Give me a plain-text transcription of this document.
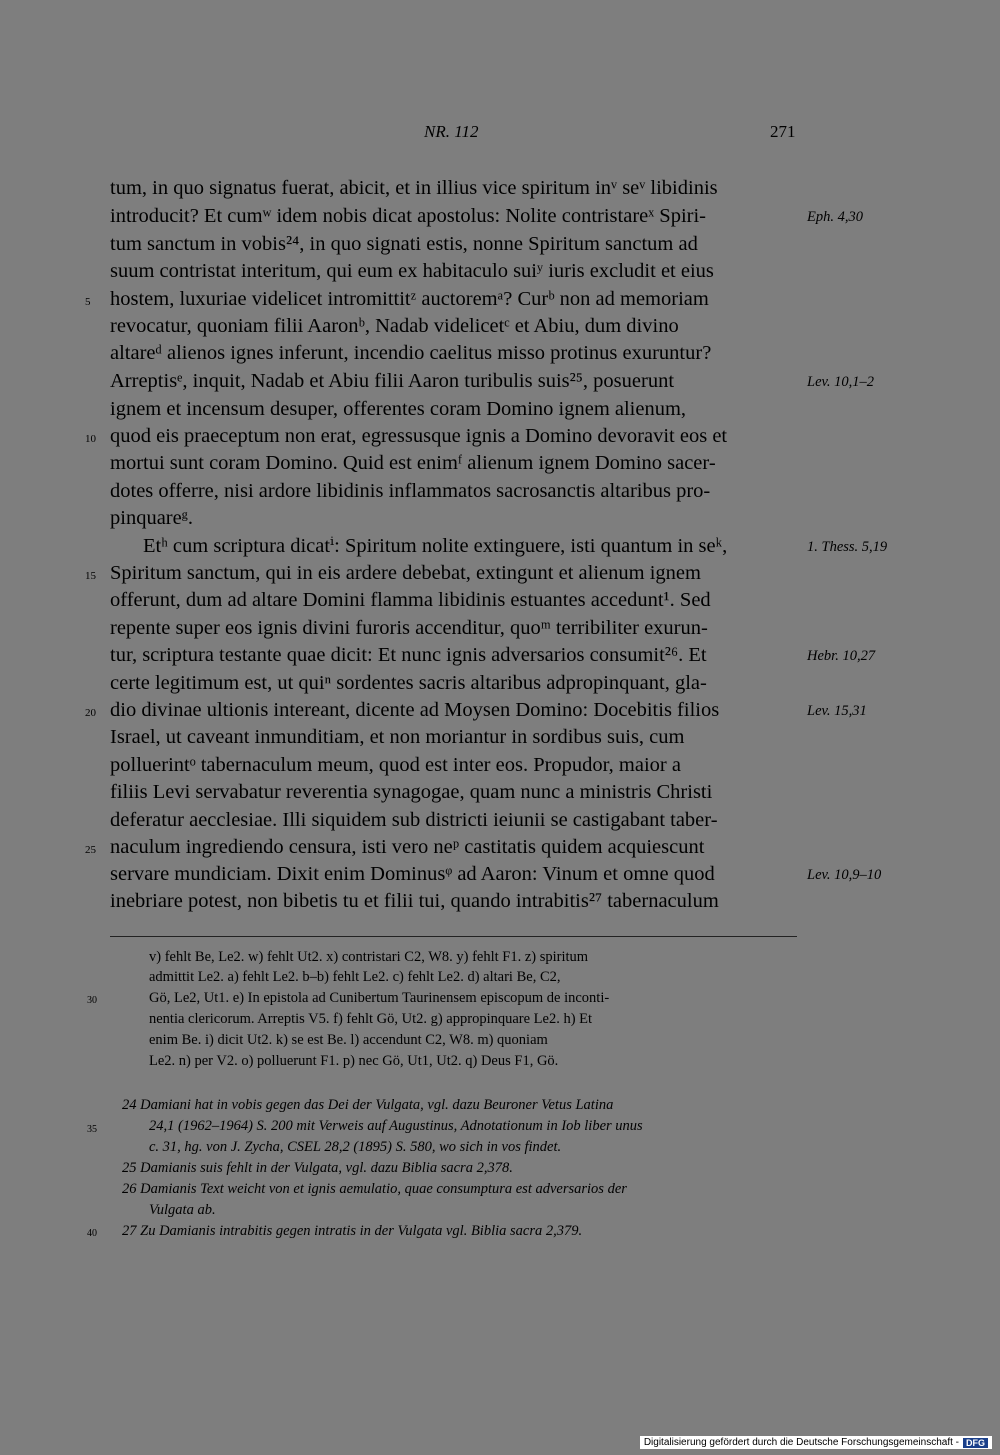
NR. 112	271
tum, in quo signatus fuerat, abicit, et in illius vice spiritum inᵛ seᵛ libidinis
introducit? Et cumʷ idem nobis dicat apostolus: Nolite contristareˣ Spiri-
tum sanctum in vobis²⁴, in quo signati estis, nonne Spiritum sanctum ad
suum contristat interitum, qui eum ex habitaculo suiʸ iuris excludit et eius
hostem, luxuriae videlicet intromittitᶻ auctoremᵃ? Curᵇ non ad memoriam
revocatur, quoniam filii Aaronᵇ, Nadab videlicetᶜ et Abiu, dum divino
altareᵈ alienos ignes inferunt, incendio caelitus misso protinus exuruntur?
Arreptisᵉ, inquit, Nadab et Abiu filii Aaron turibulis suis²⁵, posuerunt
ignem et incensum desuper, offerentes coram Domino ignem alienum,
quod eis praeceptum non erat, egressusque ignis a Domino devoravit eos et
mortui sunt coram Domino. Quid est enimᶠ alienum ignem Domino sacer-
dotes offerre, nisi ardore libidinis inflammatos sacrosanctis altaribus pro-
pinquareᵍ.
Etʰ cum scriptura dicatⁱ: Spiritum nolite extinguere, isti quantum in seᵏ,
Spiritum sanctum, qui in eis ardere debebat, extingunt et alienum ignem
offerunt, dum ad altare Domini flamma libidinis estuantes accedunt¹. Sed
repente super eos ignis divini furoris accenditur, quoᵐ terribiliter exurun-
tur, scriptura testante quae dicit: Et nunc ignis adversarios consumit²⁶. Et
certe legitimum est, ut quiⁿ sordentes sacris altaribus adpropinquant, gla-
dio divinae ultionis intereant, dicente ad Moysen Domino: Docebitis filios
Israel, ut caveant inmunditiam, et non moriantur in sordibus suis, cum
polluerintᵒ tabernaculum meum, quod est inter eos. Propudor, maior a
filiis Levi servabatur reverentia synagogae, quam nunc a ministris Christi
deferatur aecclesiae. Illi siquidem sub districti ieiunii se castigabant taber-
naculum ingrediendo censura, isti vero neᵖ castitatis quidem acquiescunt
servare mundiciam. Dixit enim Dominusᵠ ad Aaron: Vinum et omne quod
inebriare potest, non bibetis tu et filii tui, quando intrabitis²⁷ tabernaculum
5
10
15
20
25
Eph. 4,30
Lev. 10,1–2
1. Thess. 5,19
Hebr. 10,27
Lev. 15,31
Lev. 10,9–10
v) fehlt Be, Le2. w) fehlt Ut2. x) contristari C2, W8. y) fehlt F1. z) spiritum
admittit Le2. a) fehlt Le2. b–b) fehlt Le2. c) fehlt Le2. d) altari Be, C2,
Gö, Le2, Ut1. e) In epistola ad Cunibertum Taurinensem episcopum de inconti-
nentia clericorum. Arreptis V5. f) fehlt Gö, Ut2. g) appropinquare Le2. h) Et
enim Be. i) dicit Ut2. k) se est Be. l) accendunt C2, W8. m) quoniam
Le2. n) per V2. o) polluerunt F1. p) nec Gö, Ut1, Ut2. q) Deus F1, Gö.
30
24 Damiani hat in vobis gegen das Dei der Vulgata, vgl. dazu Beuroner Vetus Latina
24,1 (1962–1964) S. 200 mit Verweis auf Augustinus, Adnotationum in Iob liber unus
c. 31, hg. von J. Zycha, CSEL 28,2 (1895) S. 580, wo sich in vos findet.
25 Damianis suis fehlt in der Vulgata, vgl. dazu Biblia sacra 2,378.
26 Damianis Text weicht von et ignis aemulatio, quae consumptura est adversarios der
Vulgata ab.
27 Zu Damianis intrabitis gegen intratis in der Vulgata vgl. Biblia sacra 2,379.
35
40
Digitalisierung gefördert durch die Deutsche Forschungsgemeinschaft - DFG
